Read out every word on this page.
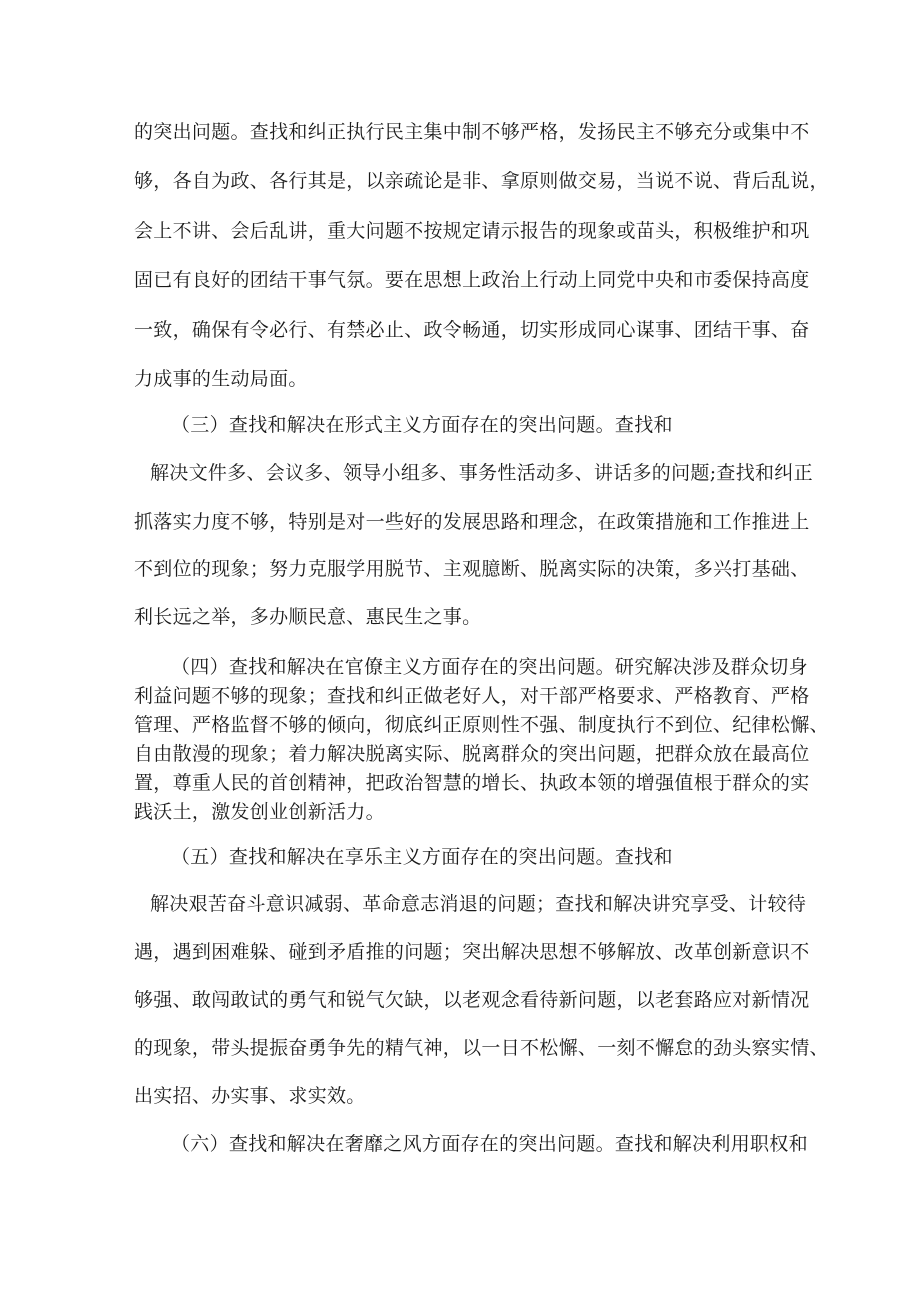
的突出问题。查找和纠正执行民主集中制不够严格，发扬民主不够充分或集中不

够，各自为政、各行其是，以亲疏论是非、拿原则做交易，当说不说、背后乱说，

会上不讲、会后乱讲，重大问题不按规定请示报告的现象或苗头，积极维护和巩

固已有良好的团结干事气氛。要在思想上政治上行动上同党中央和市委保持高度

一致，确保有令必行、有禁必止、政令畅通，切实形成同心谋事、团结干事、奋

力成事的生动局面。

（三）查找和解决在形式主义方面存在的突出问题。查找和

解决文件多、会议多、领导小组多、事务性活动多、讲话多的问题;查找和纠正

抓落实力度不够，特别是对一些好的发展思路和理念，在政策措施和工作推进上

不到位的现象；努力克服学用脱节、主观臆断、脱离实际的决策，多兴打基础、

利长远之举，多办顺民意、惠民生之事。

（四）查找和解决在官僚主义方面存在的突出问题。研究解决涉及群众切身

利益问题不够的现象；查找和纠正做老好人，对干部严格要求、严格教育、严格

管理、严格监督不够的倾向，彻底纠正原则性不强、制度执行不到位、纪律松懈、

自由散漫的现象；着力解决脱离实际、脱离群众的突出问题，把群众放在最高位

置，尊重人民的首创精神，把政治智慧的增长、执政本领的增强值根于群众的实

践沃土，激发创业创新活力。

（五）查找和解决在享乐主义方面存在的突出问题。查找和

解决艰苦奋斗意识减弱、革命意志消退的问题；查找和解决讲究享受、计较待

遇，遇到困难躲、碰到矛盾推的问题；突出解决思想不够解放、改革创新意识不

够强、敢闯敢试的勇气和锐气欠缺，以老观念看待新问题，以老套路应对新情况

的现象，带头提振奋勇争先的精气神，以一日不松懈、一刻不懈怠的劲头察实情、

出实招、办实事、求实效。

（六）查找和解决在奢靡之风方面存在的突出问题。查找和解决利用职权和
